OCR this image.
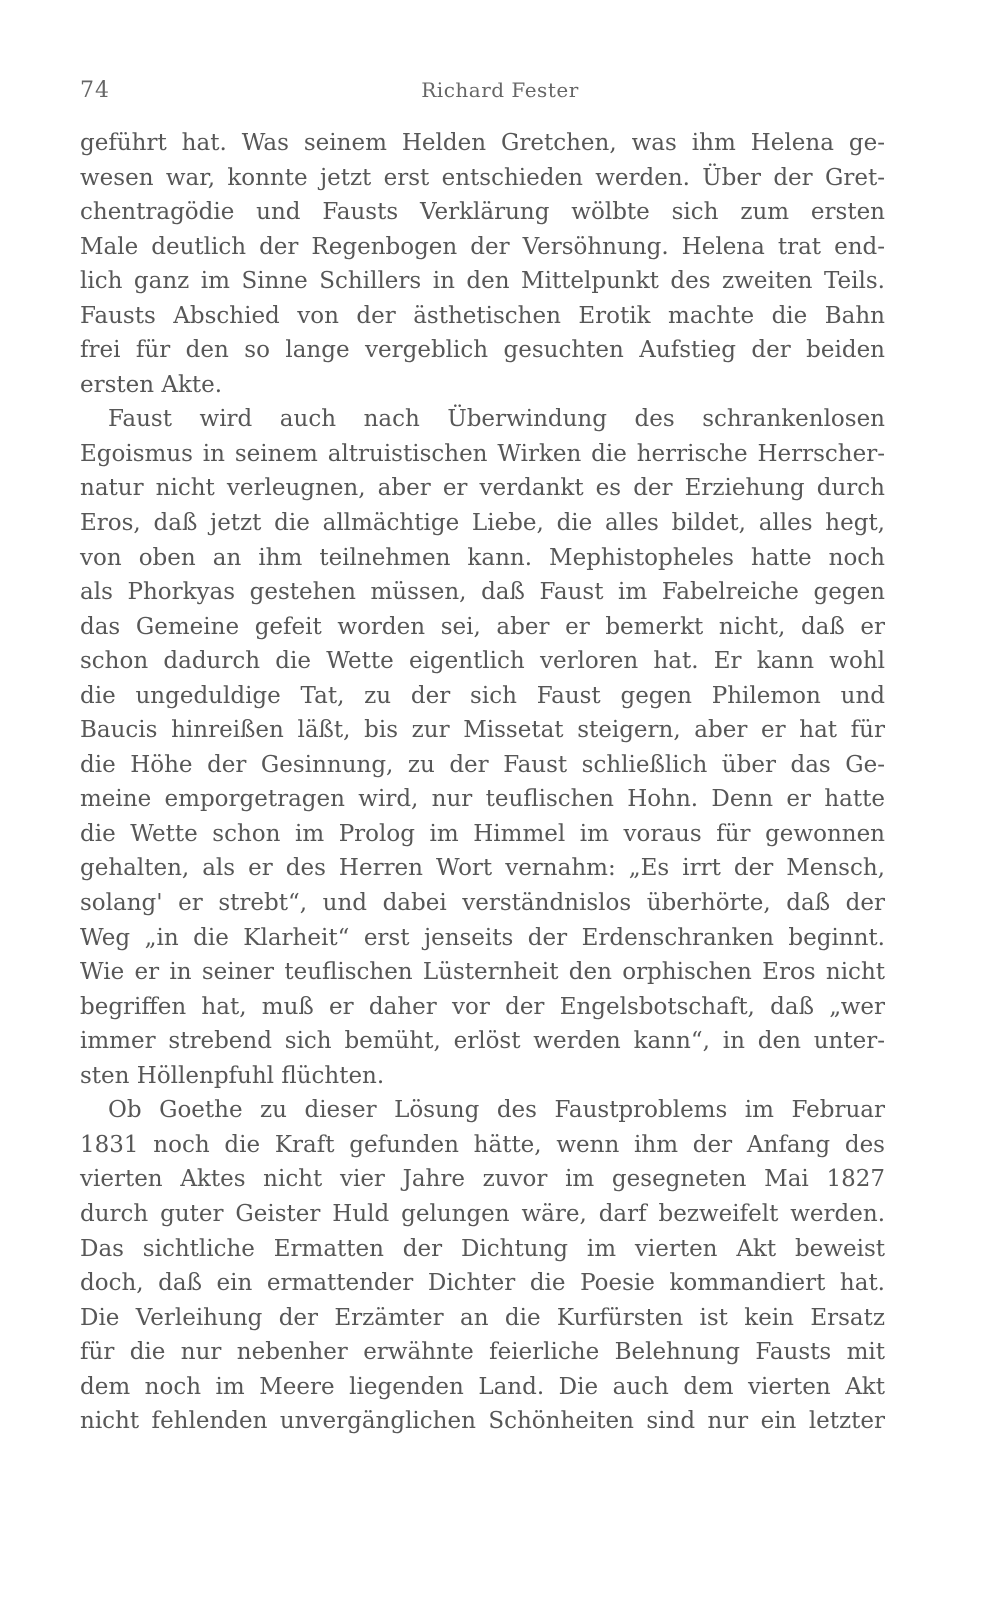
74	Richard Fester
geführt hat. Was seinem Helden Gretchen, was ihm Helena ge-
wesen war, konnte jetzt erst entschieden werden. Über der Gret-
chentragödie und Fausts Verklärung wölbte sich zum ersten
Male deutlich der Regenbogen der Versöhnung. Helena trat end-
lich ganz im Sinne Schillers in den Mittelpunkt des zweiten Teils.
Fausts Abschied von der ästhetischen Erotik machte die Bahn
frei für den so lange vergeblich gesuchten Aufstieg der beiden
ersten Akte.
Faust wird auch nach Überwindung des schrankenlosen
Egoismus in seinem altruistischen Wirken die herrische Herrscher-
natur nicht verleugnen, aber er verdankt es der Erziehung durch
Eros, daß jetzt die allmächtige Liebe, die alles bildet, alles hegt,
von oben an ihm teilnehmen kann. Mephistopheles hatte noch
als Phorkyas gestehen müssen, daß Faust im Fabelreiche gegen
das Gemeine gefeit worden sei, aber er bemerkt nicht, daß er
schon dadurch die Wette eigentlich verloren hat. Er kann wohl
die ungeduldige Tat, zu der sich Faust gegen Philemon und
Baucis hinreißen läßt, bis zur Missetat steigern, aber er hat für
die Höhe der Gesinnung, zu der Faust schließlich über das Ge-
meine emporgetragen wird, nur teuflischen Hohn. Denn er hatte
die Wette schon im Prolog im Himmel im voraus für gewonnen
gehalten, als er des Herren Wort vernahm: „Es irrt der Mensch,
solang' er strebt“, und dabei verständnislos überhörte, daß der
Weg „in die Klarheit“ erst jenseits der Erdenschranken beginnt.
Wie er in seiner teuflischen Lüsternheit den orphischen Eros nicht
begriffen hat, muß er daher vor der Engelsbotschaft, daß „wer
immer strebend sich bemüht, erlöst werden kann“, in den unter-
sten Höllenpfuhl flüchten.
Ob Goethe zu dieser Lösung des Faustproblems im Februar
1831 noch die Kraft gefunden hätte, wenn ihm der Anfang des
vierten Aktes nicht vier Jahre zuvor im gesegneten Mai 1827
durch guter Geister Huld gelungen wäre, darf bezweifelt werden.
Das sichtliche Ermatten der Dichtung im vierten Akt beweist
doch, daß ein ermattender Dichter die Poesie kommandiert hat.
Die Verleihung der Erzämter an die Kurfürsten ist kein Ersatz
für die nur nebenher erwähnte feierliche Belehnung Fausts mit
dem noch im Meere liegenden Land. Die auch dem vierten Akt
nicht fehlenden unvergänglichen Schönheiten sind nur ein letzter
